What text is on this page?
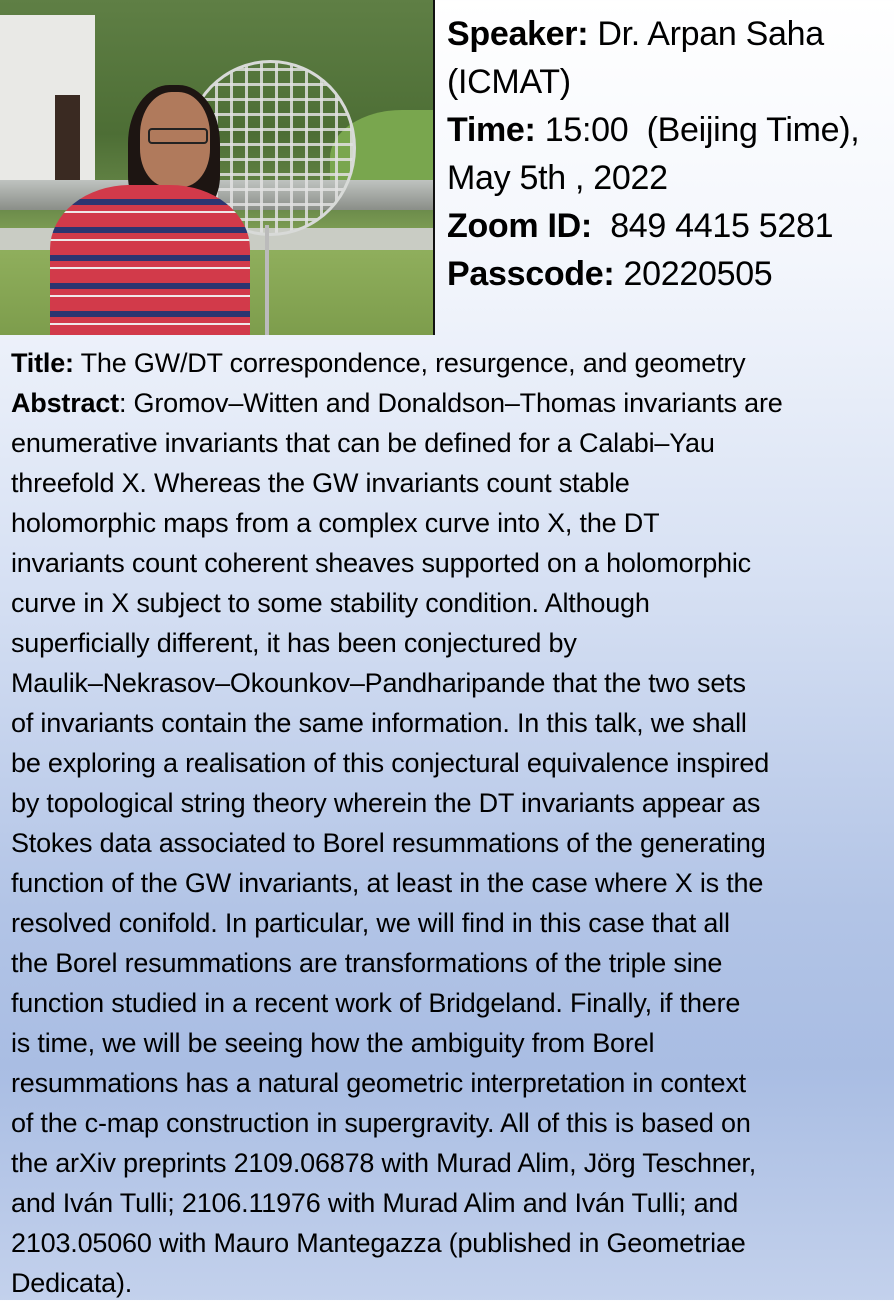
Speaker: Dr. Arpan Saha
(ICMAT)
Time: 15:00  (Beijing Time),
May 5th , 2022
Zoom ID: 849 4415 5281
Passcode: 20220505
Title: The GW/DT correspondence, resurgence, and geometry
Abstract: Gromov–Witten and Donaldson–Thomas invariants are
enumerative invariants that can be defined for a Calabi–Yau
threefold X. Whereas the GW invariants count stable
holomorphic maps from a complex curve into X, the DT
invariants count coherent sheaves supported on a holomorphic
curve in X subject to some stability condition. Although
superficially different, it has been conjectured by
Maulik–Nekrasov–Okounkov–Pandharipande that the two sets
of invariants contain the same information. In this talk, we shall
be exploring a realisation of this conjectural equivalence inspired
by topological string theory wherein the DT invariants appear as
Stokes data associated to Borel resummations of the generating
function of the GW invariants, at least in the case where X is the
resolved conifold. In particular, we will find in this case that all
the Borel resummations are transformations of the triple sine
function studied in a recent work of Bridgeland. Finally, if there
is time, we will be seeing how the ambiguity from Borel
resummations has a natural geometric interpretation in context
of the c-map construction in supergravity. All of this is based on
the arXiv preprints 2109.06878 with Murad Alim, Jörg Teschner,
and Iván Tulli; 2106.11976 with Murad Alim and Iván Tulli; and
2103.05060 with Mauro Mantegazza (published in Geometriae
Dedicata).
